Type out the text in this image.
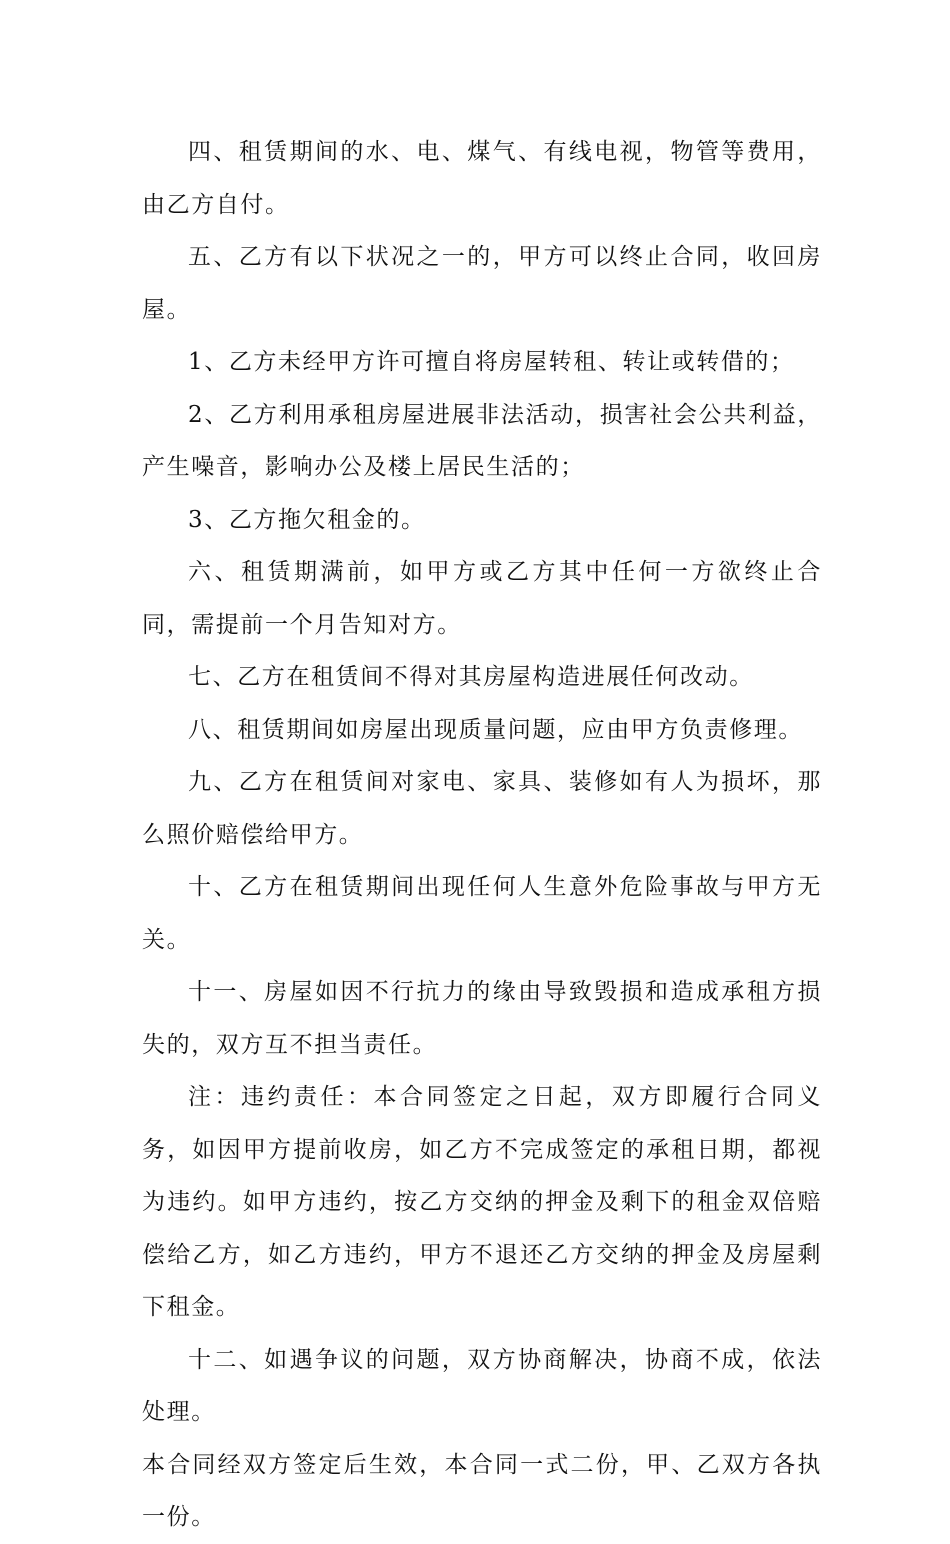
四、租赁期间的水、电、煤气、有线电视，物管等费用，由乙方自付。

五、乙方有以下状况之一的，甲方可以终止合同，收回房屋。

1、乙方未经甲方许可擅自将房屋转租、转让或转借的；

2、乙方利用承租房屋进展非法活动，损害社会公共利益，产生噪音，影响办公及楼上居民生活的；

3、乙方拖欠租金的。

六、租赁期满前，如甲方或乙方其中任何一方欲终止合同，需提前一个月告知对方。

七、乙方在租赁间不得对其房屋构造进展任何改动。

八、租赁期间如房屋出现质量问题，应由甲方负责修理。

九、乙方在租赁间对家电、家具、装修如有人为损坏，那么照价赔偿给甲方。

十、乙方在租赁期间出现任何人生意外危险事故与甲方无关。

十一、房屋如因不行抗力的缘由导致毁损和造成承租方损失的，双方互不担当责任。

注：违约责任：本合同签定之日起，双方即履行合同义务，如因甲方提前收房，如乙方不完成签定的承租日期，都视为违约。如甲方违约，按乙方交纳的押金及剩下的租金双倍赔偿给乙方，如乙方违约，甲方不退还乙方交纳的押金及房屋剩下租金。

十二、如遇争议的问题，双方协商解决，协商不成，依法处理。

本合同经双方签定后生效，本合同一式二份，甲、乙双方各执一份。
